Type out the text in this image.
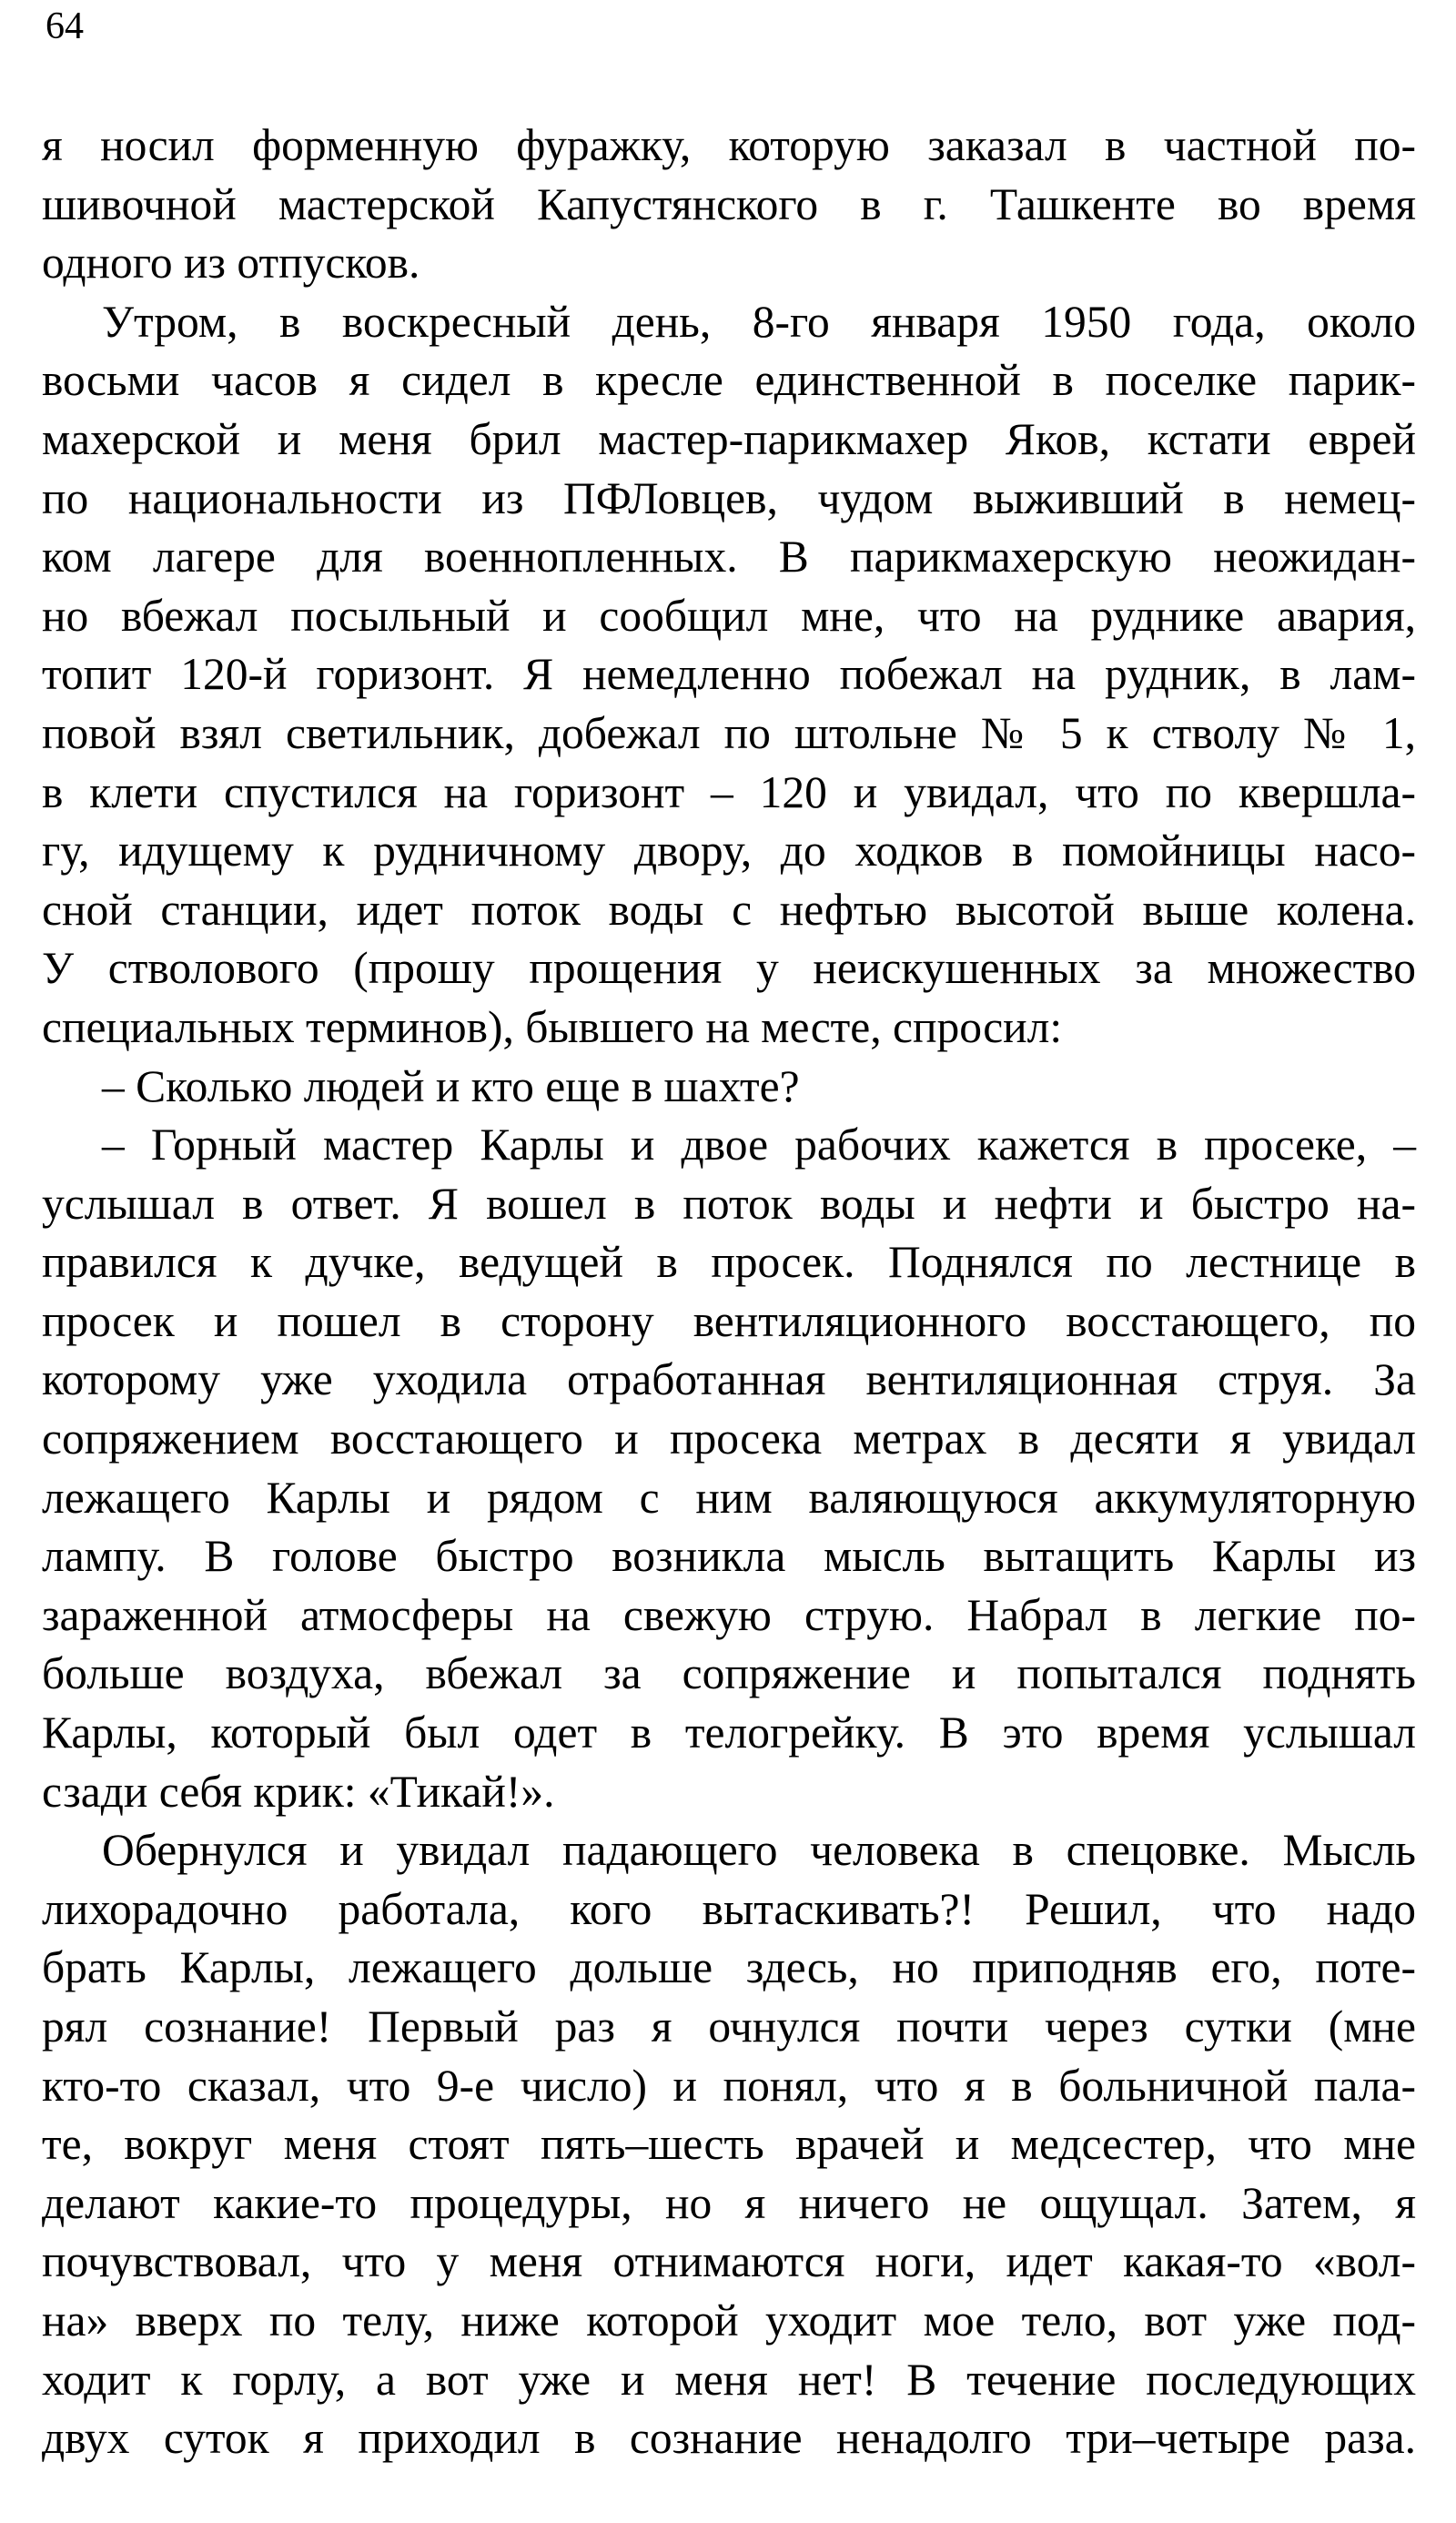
64
я носил форменную фуражку, которую заказал в частной по-
шивочной мастерской Капустянского в г. Ташкенте во время
одного из отпусков.
Утром, в воскресный день, 8-го января 1950 года, около
восьми часов я сидел в кресле единственной в поселке парик-
махерской и меня брил мастер-парикмахер Яков, кстати еврей
по национальности из ПФЛовцев, чудом выживший в немец-
ком лагере для военнопленных. В парикмахерскую неожидан-
но вбежал посыльный и сообщил мне, что на руднике авария,
топит 120-й горизонт. Я немедленно побежал на рудник, в лам-
повой взял светильник, добежал по штольне № 5 к стволу № 1,
в клети спустился на горизонт – 120 и увидал, что по квершла-
гу, идущему к рудничному двору, до ходков в помойницы насо-
сной станции, идет поток воды с нефтью высотой выше колена.
У стволового (прошу прощения у неискушенных за множество
специальных терминов), бывшего на месте, спросил:
– Сколько людей и кто еще в шахте?
– Горный мастер Карлы и двое рабочих кажется в просеке, –
услышал в ответ. Я вошел в поток воды и нефти и быстро на-
правился к дучке, ведущей в просек. Поднялся по лестнице в
просек и пошел в сторону вентиляционного восстающего, по
которому уже уходила отработанная вентиляционная струя. За
сопряжением восстающего и просека метрах в десяти я увидал
лежащего Карлы и рядом с ним валяющуюся аккумуляторную
лампу. В голове быстро возникла мысль вытащить Карлы из
зараженной атмосферы на свежую струю. Набрал в легкие по-
больше воздуха, вбежал за сопряжение и попытался поднять
Карлы, который был одет в телогрейку. В это время услышал
сзади себя крик: «Тикай!».
Обернулся и увидал падающего человека в спецовке. Мысль
лихорадочно работала, кого вытаскивать?! Решил, что надо
брать Карлы, лежащего дольше здесь, но приподняв его, поте-
рял сознание! Первый раз я очнулся почти через сутки (мне
кто-то сказал, что 9-е число) и понял, что я в больничной пала-
те, вокруг меня стоят пять–шесть врачей и медсестер, что мне
делают какие-то процедуры, но я ничего не ощущал. Затем, я
почувствовал, что у меня отнимаются ноги, идет какая-то «вол-
на» вверх по телу, ниже которой уходит мое тело, вот уже под-
ходит к горлу, а вот уже и меня нет! В течение последующих
двух суток я приходил в сознание ненадолго три–четыре раза.
